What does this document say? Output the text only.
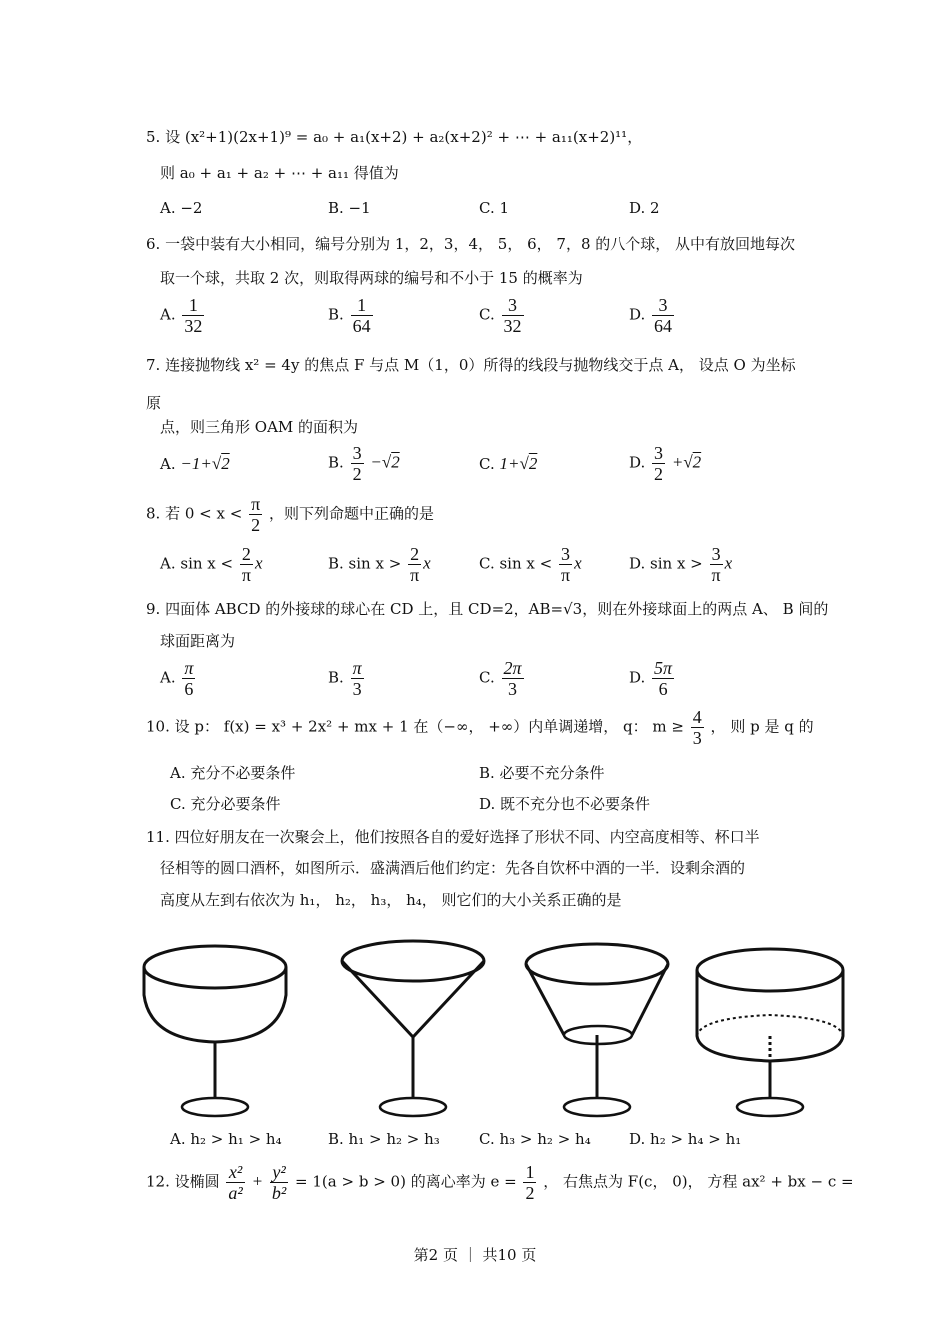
5. 设 (x²+1)(2x+1)⁹ = a₀ + a₁(x+2) + a₂(x+2)² + ⋯ + a₁₁(x+2)¹¹，
则 a₀ + a₁ + a₂ + ⋯ + a₁₁ 得值为
A. −2	B. −1	C. 1	D. 2
6. 一袋中装有大小相同，编号分别为 1，2，3，4， 5， 6， 7，8 的八个球， 从中有放回地每次
取一个球，共取 2 次，则取得两球的编号和不小于 15 的概率为
A. $\frac{1}{32}$	B. $\frac{1}{64}$	C. $\frac{3}{32}$	D. $\frac{3}{64}$
7. 连接抛物线 x² = 4y 的焦点 F 与点 M（1，0）所得的线段与抛物线交于点 A， 设点 O 为坐标
原
点，则三角形 OAM 的面积为
A. −1+√2	B. $\frac{3}{2} -√2$	C. 1+√2	D. $\frac{3}{2} +√2$
8. 若 $0 < x < \frac{\pi}{2}$ ，则下列命题中正确的是
A. $\sin x < \frac{2}{\pi}$ x	B. $\sin x > \frac{2}{\pi}$ x	C. $\sin x < \frac{3}{\pi}$ x	D. $\sin x > \frac{3}{\pi}$ x
9. 四面体 ABCD 的外接球的球心在 CD 上，且 CD=2，AB=√3，则在外接球面上的两点 A、 B 间的
球面距离为
A. $\frac{\pi}{6}$	B. $\frac{\pi}{3}$	C. $\frac{2\pi}{3}$	D. $\frac{5\pi}{6}$
10. 设 p： f(x) = x³ + 2x² + mx + 1 在（−∞， +∞）内单调递增， q： $m \ge \frac{4}{3}$ ， 则 p 是 q 的
A. 充分不必要条件	B. 必要不充分条件
C. 充分必要条件	D. 既不充分也不必要条件
11. 四位好朋友在一次聚会上，他们按照各自的爱好选择了形状不同、内空高度相等、杯口半
径相等的圆口酒杯，如图所示．盛满酒后他们约定：先各自饮杯中酒的一半．设剩余酒的
高度从左到右依次为 h₁， h₂， h₃， h₄， 则它们的大小关系正确的是
A. h₂ > h₁ > h₄	B. h₁ > h₂ > h₃	C. h₃ > h₂ > h₄	D. h₂ > h₄ > h₁
12. 设椭圆 $\frac{\text{x²}}{\text{a²}} + \frac{\text{y²}}{\text{b²}} = 1(a > b > 0)$ 的离心率为 $e = \frac{1}{2}$ ， 右焦点为 F(c， 0)， 方程 ax² + bx − c =
第2 页 ｜ 共10 页
